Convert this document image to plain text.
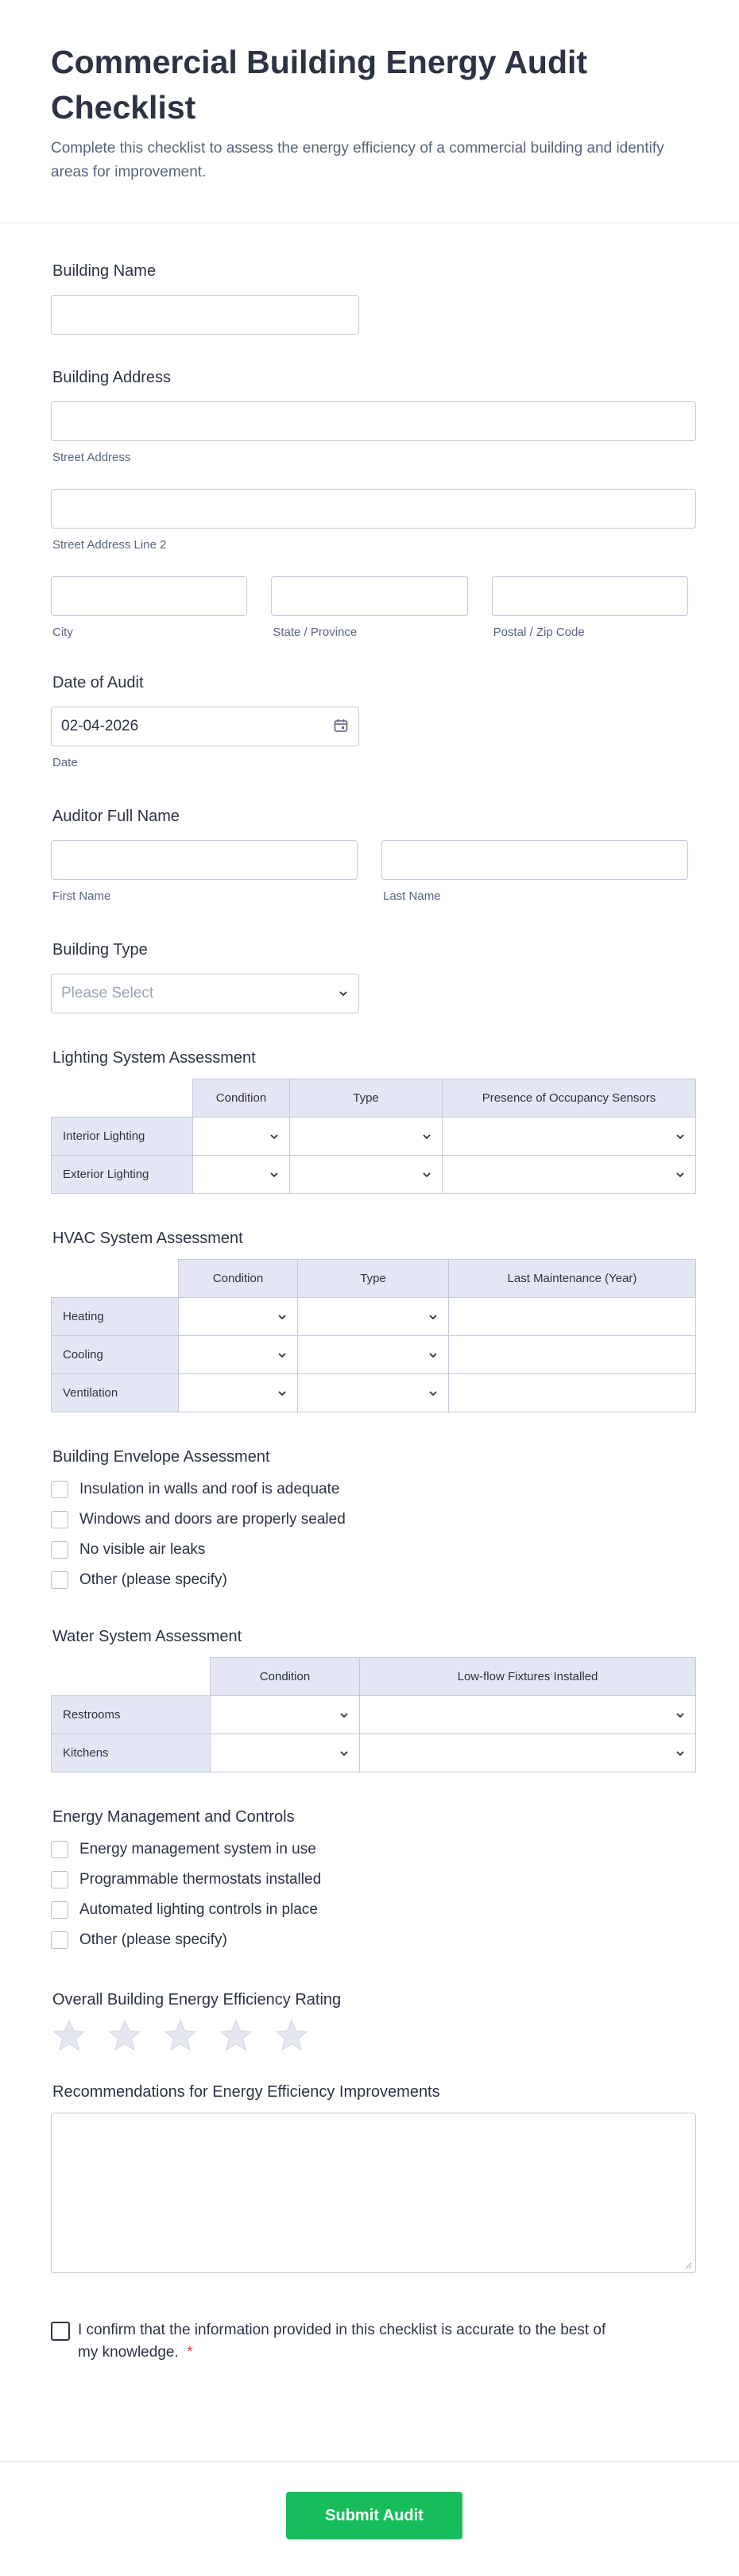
Commercial Building Energy Audit Checklist

Complete this checklist to assess the energy efficiency of a commercial building and identify areas for improvement.

Building Name
Building Address
Street Address
Street Address Line 2
City	State / Province	Postal / Zip Code
Date of Audit
02-04-2026
Date
Auditor Full Name
First Name	Last Name
Building Type
Please Select
Lighting System Assessment
	Condition	Type	Presence of Occupancy Sensors
Interior Lighting	

Exterior Lighting	

HVAC System Assessment
	Condition	Type	Last Maintenance (Year)
Heating	

Cooling	

Ventilation	

Building Envelope Assessment
Insulation in walls and roof is adequate
Windows and doors are properly sealed
No visible air leaks
Other (please specify)
Water System Assessment
	Condition	Low-flow Fixtures Installed
Restrooms	

Kitchens	

Energy Management and Controls
Energy management system in use
Programmable thermostats installed
Automated lighting controls in place
Other (please specify)
Overall Building Energy Efficiency Rating
Recommendations for Energy Efficiency Improvements
I confirm that the information provided in this checklist is accurate to the best of my knowledge. *
Submit Audit
